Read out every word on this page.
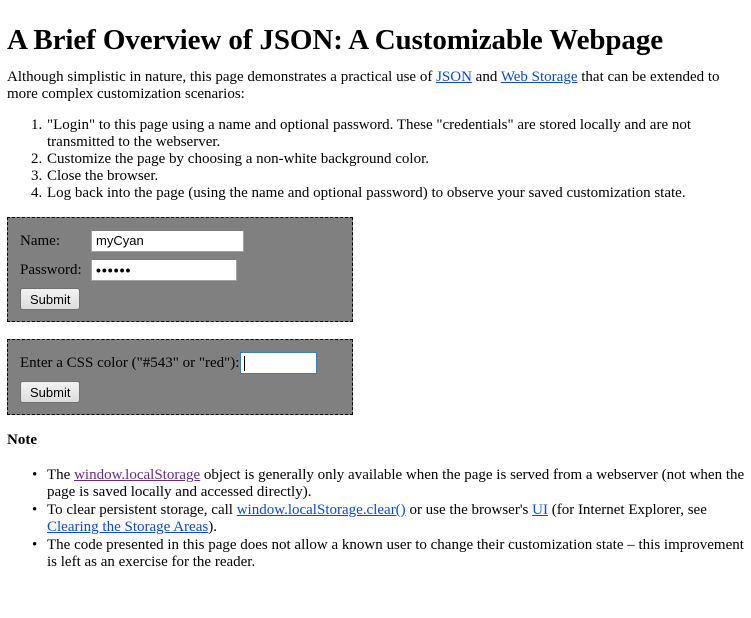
A Brief Overview of JSON: A Customizable Webpage

Although simplistic in nature, this page demonstrates a practical use of JSON and Web Storage that can be extended to more complex customization scenarios:

1. "Login" to this page using a name and optional password. These "credentials" are stored locally and are not transmitted to the webserver.
2. Customize the page by choosing a non-white background color.
3. Close the browser.
4. Log back into the page (using the name and optional password) to observe your saved customization state.
Name:	myCyan
Password:	••••••
Submit
Enter a CSS color ("#543" or "red"):
Submit
Note
• The window.localStorage object is generally only available when the page is served from a webserver (not when the page is saved locally and accessed directly).
• To clear persistent storage, call window.localStorage.clear() or use the browser's UI (for Internet Explorer, see Clearing the Storage Areas).
• The code presented in this page does not allow a known user to change their customization state – this improvement is left as an exercise for the reader.
